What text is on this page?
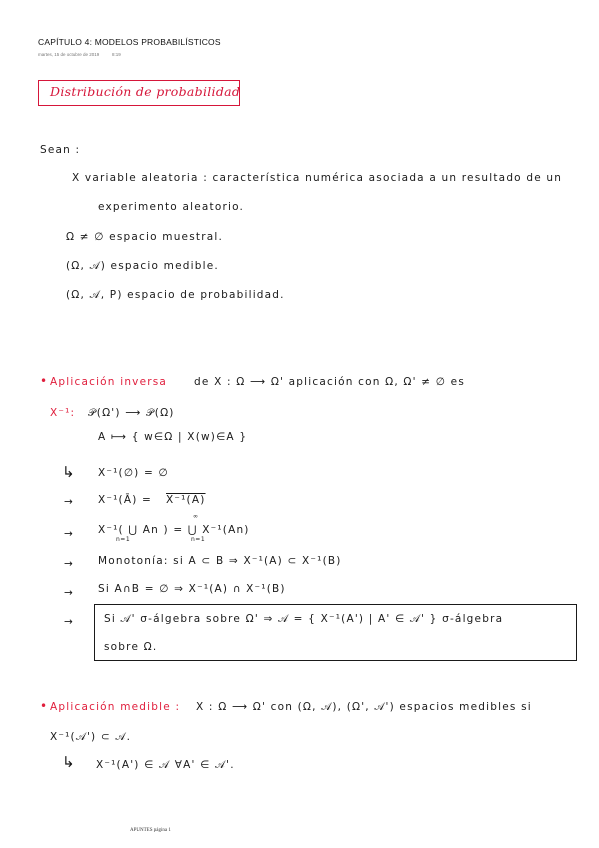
CAPÍTULO 4: MODELOS PROBABILÍSTICOS
martes, 15 de octubre de 2019	8:19
Distribución de probabilidad
Sean :
X variable aleatoria : característica numérica asociada a un resultado de un
experimento aleatorio.
Ω ≠ ∅ espacio muestral.
(Ω, 𝒜) espacio medible.
(Ω, 𝒜, P) espacio de probabilidad.
• Aplicación inversa	de X : Ω ⟶ Ω' aplicación con Ω, Ω' ≠ ∅ es
X⁻¹: 𝒫(Ω') ⟶ 𝒫(Ω)
A ⟼ { w∈Ω | X(w)∈A }
↳ X⁻¹(∅) = ∅
→ X⁻¹(Ā) = X⁻¹(A)
→ X⁻¹( ⋃ An ) = ⋃ X⁻¹(An)
n=1	n=1
∞
→ Monotonía: si A ⊂ B ⇒ X⁻¹(A) ⊂ X⁻¹(B)
→ Si A∩B = ∅ ⇒ X⁻¹(A) ∩ X⁻¹(B)
→	Si 𝒜' σ-álgebra sobre Ω' ⇒ 𝒜 = { X⁻¹(A') | A' ∈ 𝒜' } σ-álgebra
sobre Ω.
• Aplicación medible : X : Ω ⟶ Ω' con (Ω, 𝒜), (Ω', 𝒜') espacios medibles si
X⁻¹(𝒜') ⊂ 𝒜.
↳ X⁻¹(A') ∈ 𝒜 ∀A' ∈ 𝒜'.
APUNTES página 1
